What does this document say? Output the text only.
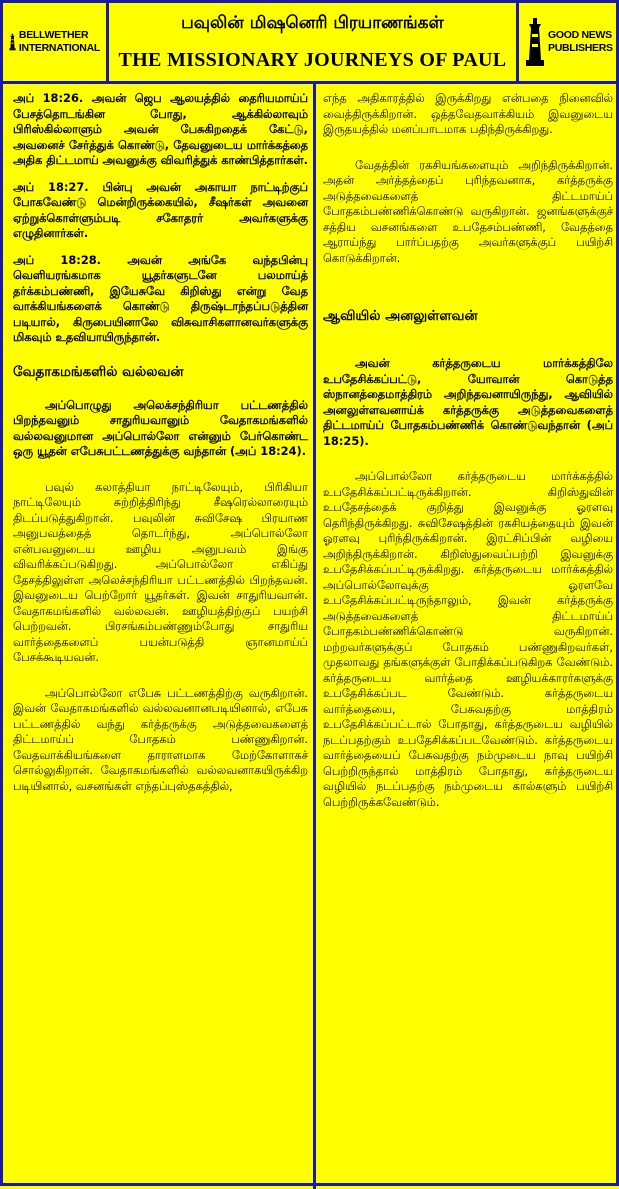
BELLWETHER
INTERNATIONAL
பவுலின் மிஷனெரி பிரயாணங்கள்
THE MISSIONARY JOURNEYS OF PAUL
GOOD NEWS
PUBLISHERS

அப் 18:26. அவன் ஜெப ஆலயத்தில் தைரியமாய்ப் பேசத்தொடங்கின போது, ஆக்கில்லாவும் பிரிஸ்கில்லாளும் அவன் பேசுகிறதைக் கேட்டு, அவனைச் சேர்த்துக் கொண்டு, தேவனுடைய மார்க்கத்தை அதிக திட்டமாய் அவனுக்கு விவரித்துக் காண்பித்தார்கள்.

அப் 18:27. பின்பு அவன் அகாயா நாட்டிற்குப் போகவேண்டு மென்றிருக்கையில், சீஷர்கள் அவனை ஏற்றுக்கொள்ளும்படி சகோதரர் அவர்களுக்கு எழுதினார்கள்.

அப் 18:28. அவன் அங்கே வந்தபின்பு வெளியரங்கமாக யூதர்களுடனே பலமாய்த் தர்க்கம்பண்ணி, இயேசுவே கிறிஸ்து என்று வேத வாக்கியங்களைக் கொண்டு திருஷ்டாந்தப்படுத்தின படியால், கிருபையினாலே விசுவாசிகளானவர்களுக்கு மிகவும் உதவியாயிருந்தான்.

வேதாகமங்களில் வல்லவன்

அப்பொழுது அலெக்சந்திரியா பட்டணத்தில் பிறந்தவனும் சாதுரியவானும் வேதாகமங்களில் வல்லவனுமான அப்பொல்லோ என்னும் பேர்கொண்ட ஒரு யூதன் எபேசுபட்டணத்துக்கு வந்தான் (அப் 18:24).

பவுல் கலாத்தியா நாட்டிலேயும், பிரிகியா நாட்டிலேயும் சுற்றித்திரிந்து சீஷரெல்லாரையும் திடப்படுத்துகிறான். பவுலின் சுவிசேஷ பிரயாண அனுபவத்தைத் தொடர்ந்து, அப்பொல்லோ என்பவனுடைய ஊழிய அனுபவம் இங்கு விவரிக்கப்படுகிறது. அப்பொல்லோ எகிப்து தேசத்திலுள்ள அலெச்சந்திரியா பட்டணத்தில் பிறந்தவன். இவனுடைய பெற்றோர் யூதர்கள். இவன் சாதுரியவான். வேதாகமங்களில் வல்லவன். ஊழியத்திற்குப் பயற்சி பெற்றவன். பிரசங்கம்பண்ணும்போது சாதுரிய வார்த்தைகளைப் பயன்படுத்தி ஞானமாய்ப் பேசக்கூடியவன்.

அப்பொல்லோ எபேசு பட்டணத்திற்கு வருகிறான். இவன் வேதாகமங்களில் வல்லவனானபடியினால், எபேசு பட்டணத்தில் வந்து கர்த்தருக்கு அடுத்தவைகளைத் திட்டமாய்ப் போதகம் பண்ணுகிறான். வேதவாக்கியங்களை தாராளமாக மேற்கோளாகச் சொல்லுகிறான். வேதாகமங்களில் வல்லவனாகயிருக்கிற படியினால், வசனங்கள் எந்தப்புஸ்தகத்தில்,

எந்த அதிகாரத்தில் இருக்கிறது என்பதை நினைவில் வைத்திருக்கிறான். ஒத்தவேதவாக்கியம் இவனுடைய இருதயத்தில் மனப்பாடமாக பதிந்திருக்கிறது.

வேதத்தின் ரகசியங்களையும் அறிந்திருக்கிறான். அதன் அர்த்தத்தைப் புரிந்தவனாக, கர்த்தருக்கு அடுத்தவைகளைத் திட்டமாய்ப் போதகம்பண்ணிக்கொண்டு வருகிறான். ஜனங்களுக்குச் சத்திய வசனங்களை உபதேசம்பண்ணி, வேதத்தை ஆராய்ந்து பார்ப்பதற்கு அவர்களுக்குப் பயிற்சி கொடுக்கிறான்.

ஆவியில் அனலுள்ளவன்

அவன் கர்த்தருடைய மார்க்கத்திலே உபதேசிக்கப்பட்டு, யோவான் கொடுத்த ஸ்நானத்தைமாத்திரம் அறிந்தவனாயிருந்து, ஆவியில் அனலுள்ளவனாய்க் கர்த்தருக்கு அடுத்தவைகளைத் திட்டமாய்ப் போதகம்பண்ணிக் கொண்டுவந்தான் (அப் 18:25).

அப்பொல்லோ கர்த்தருடைய மார்க்கத்தில் உபதேசிக்கப்பட்டிருக்கிறான். கிறிஸ்துவின் உபதேசத்தைக் குறித்து இவனுக்கு ஓரளவு தெரிந்திருக்கிறது. சுவிசேஷத்தின் ரகசியத்தையும் இவன் ஓரளவு புரிந்திருக்கிறான். இரட்சிப்பின் வழியை அறிந்திருக்கிறான். கிறிஸ்துவைப்பற்றி இவனுக்கு உபதேசிக்கப்பட்டிருக்கிறது. கர்த்தருடைய மார்க்கத்தில் அப்பொல்லோவுக்கு ஓரளவே உபதேசிக்கப்பட்டிருந்தாலும், இவன் கர்த்தருக்கு அடுத்தவைகளைத் திட்டமாய்ப் போதகம்பண்ணிக்கொண்டு வருகிறான். மற்றவர்களுக்குப் போதகம் பண்ணுகிறவர்கள், முதலாவது தங்களுக்குள் போதிக்கப்படுகிறக வேண்டும். கர்த்தருடைய வார்த்தை ஊழியக்காரர்களுக்கு உபதேசிக்கப்பட வேண்டும். கர்த்தருடைய வார்த்தையை, பேசுவதற்கு மாத்திரம் உபதேசிக்கப்பட்டால் போதாது, கர்த்தருடைய வழியில் நடப்பதற்கும் உபதேசிக்கப்படவேண்டும். கர்த்தருடைய வார்த்தையைப் பேசுவதற்கு நம்முடைய நாவு பயிற்சி பெற்றிருந்தால் மாத்திரம் போதாது, கர்த்தருடைய வழியில் நடப்பதற்கு நம்முடைய கால்களும் பயிற்சி பெற்றிருக்கவேண்டும்.
